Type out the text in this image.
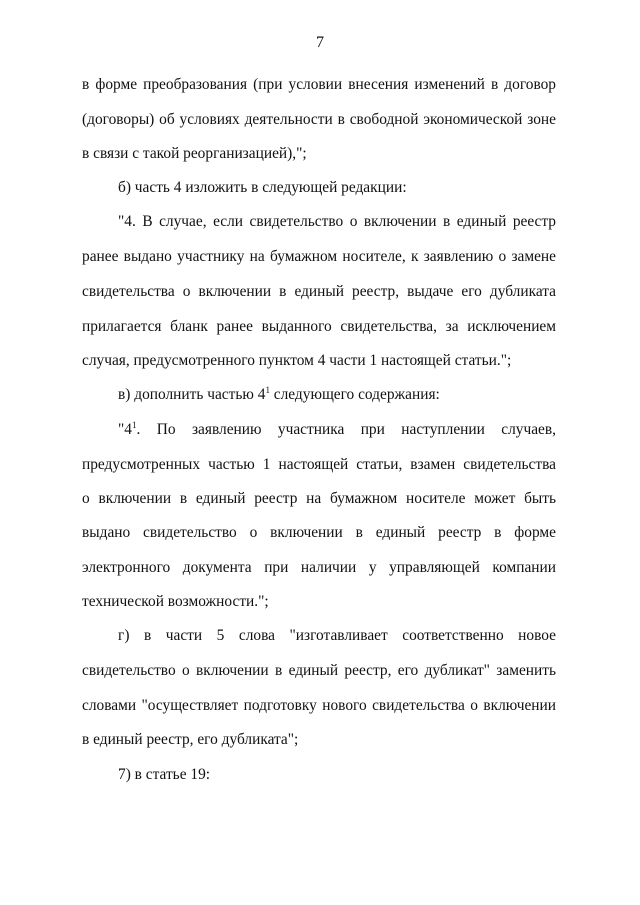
7
в форме преобразования (при условии внесения изменений в договор
(договоры) об условиях деятельности в свободной экономической зоне
в связи с такой реорганизацией),";
б) часть 4 изложить в следующей редакции:
"4. В случае, если свидетельство о включении в единый реестр
ранее выдано участнику на бумажном носителе, к заявлению о замене
свидетельства о включении в единый реестр, выдаче его дубликата
прилагается бланк ранее выданного свидетельства, за исключением
случая, предусмотренного пунктом 4 части 1 настоящей статьи.";
в) дополнить частью $4^1$ следующего содержания:
"$4^1$. По заявлению участника при наступлении случаев,
предусмотренных частью 1 настоящей статьи, взамен свидетельства
о включении в единый реестр на бумажном носителе может быть
выдано свидетельство о включении в единый реестр в форме
электронного документа при наличии у управляющей компании
технической возможности.";
г) в части 5 слова "изготавливает соответственно новое
свидетельство о включении в единый реестр, его дубликат" заменить
словами "осуществляет подготовку нового свидетельства о включении
в единый реестр, его дубликата";
7) в статье 19:
